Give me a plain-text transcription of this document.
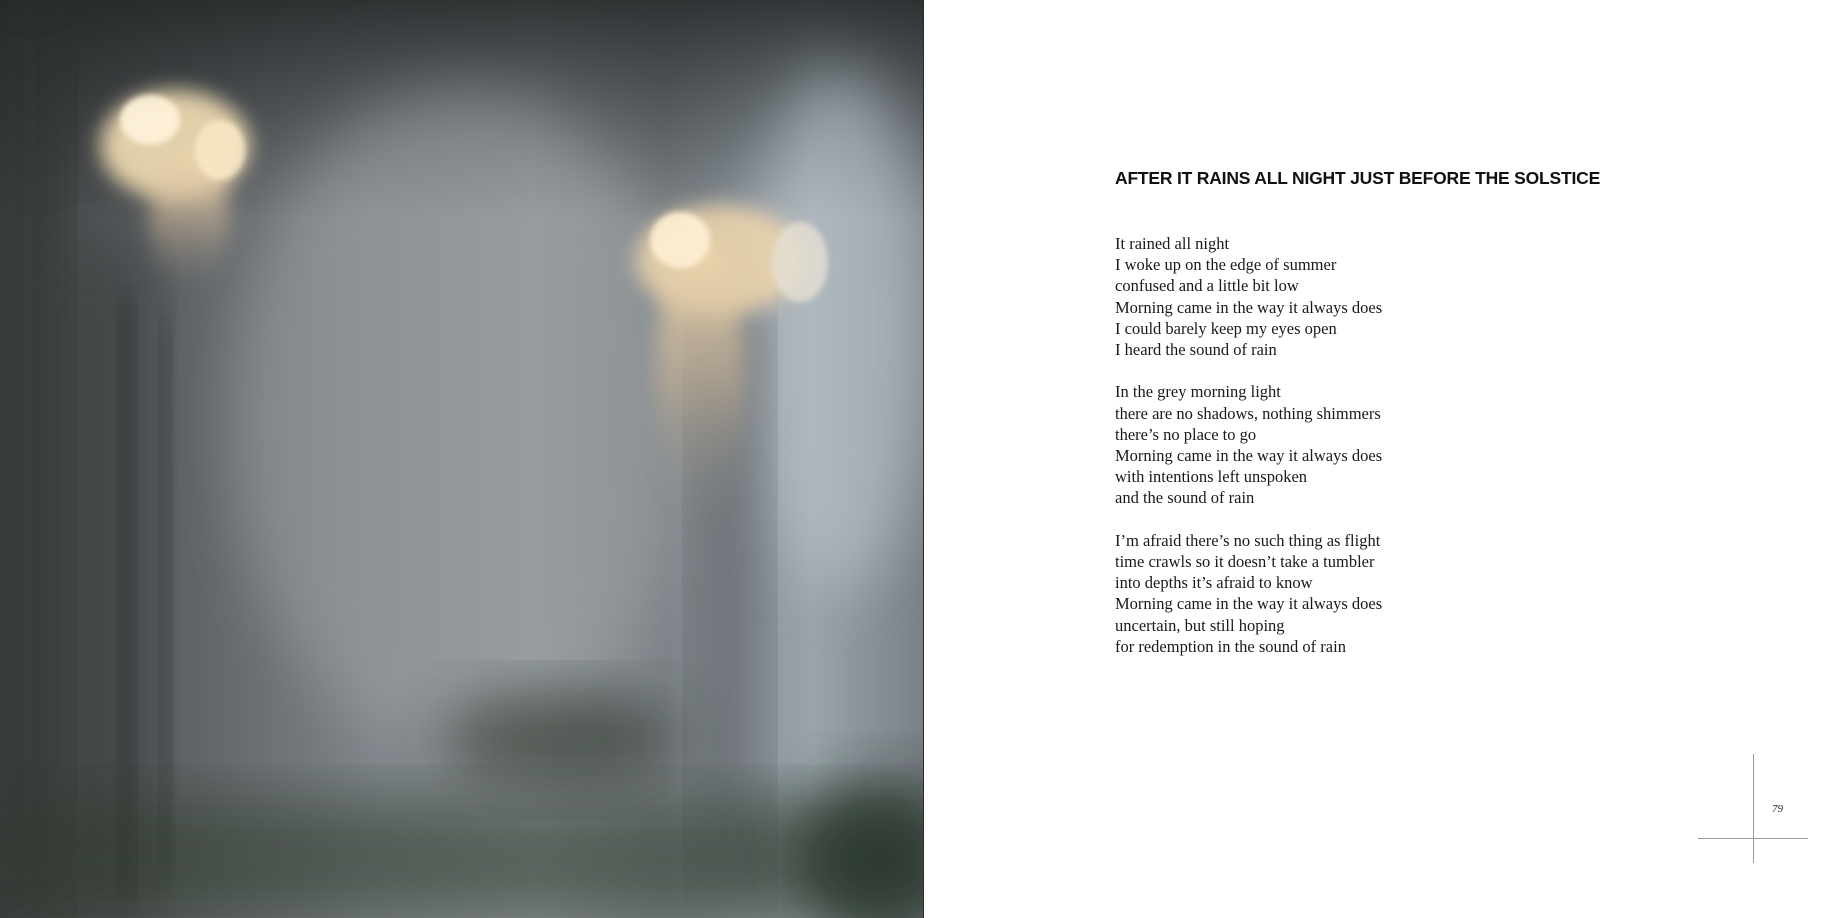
AFTER IT RAINS ALL NIGHT JUST BEFORE THE SOLSTICE

It rained all night
I woke up on the edge of summer
confused and a little bit low
Morning came in the way it always does
I could barely keep my eyes open
I heard the sound of rain

In the grey morning light
there are no shadows, nothing shimmers
there’s no place to go
Morning came in the way it always does
with intentions left unspoken
and the sound of rain

I’m afraid there’s no such thing as flight
time crawls so it doesn’t take a tumbler
into depths it’s afraid to know
Morning came in the way it always does
uncertain, but still hoping
for redemption in the sound of rain

79
